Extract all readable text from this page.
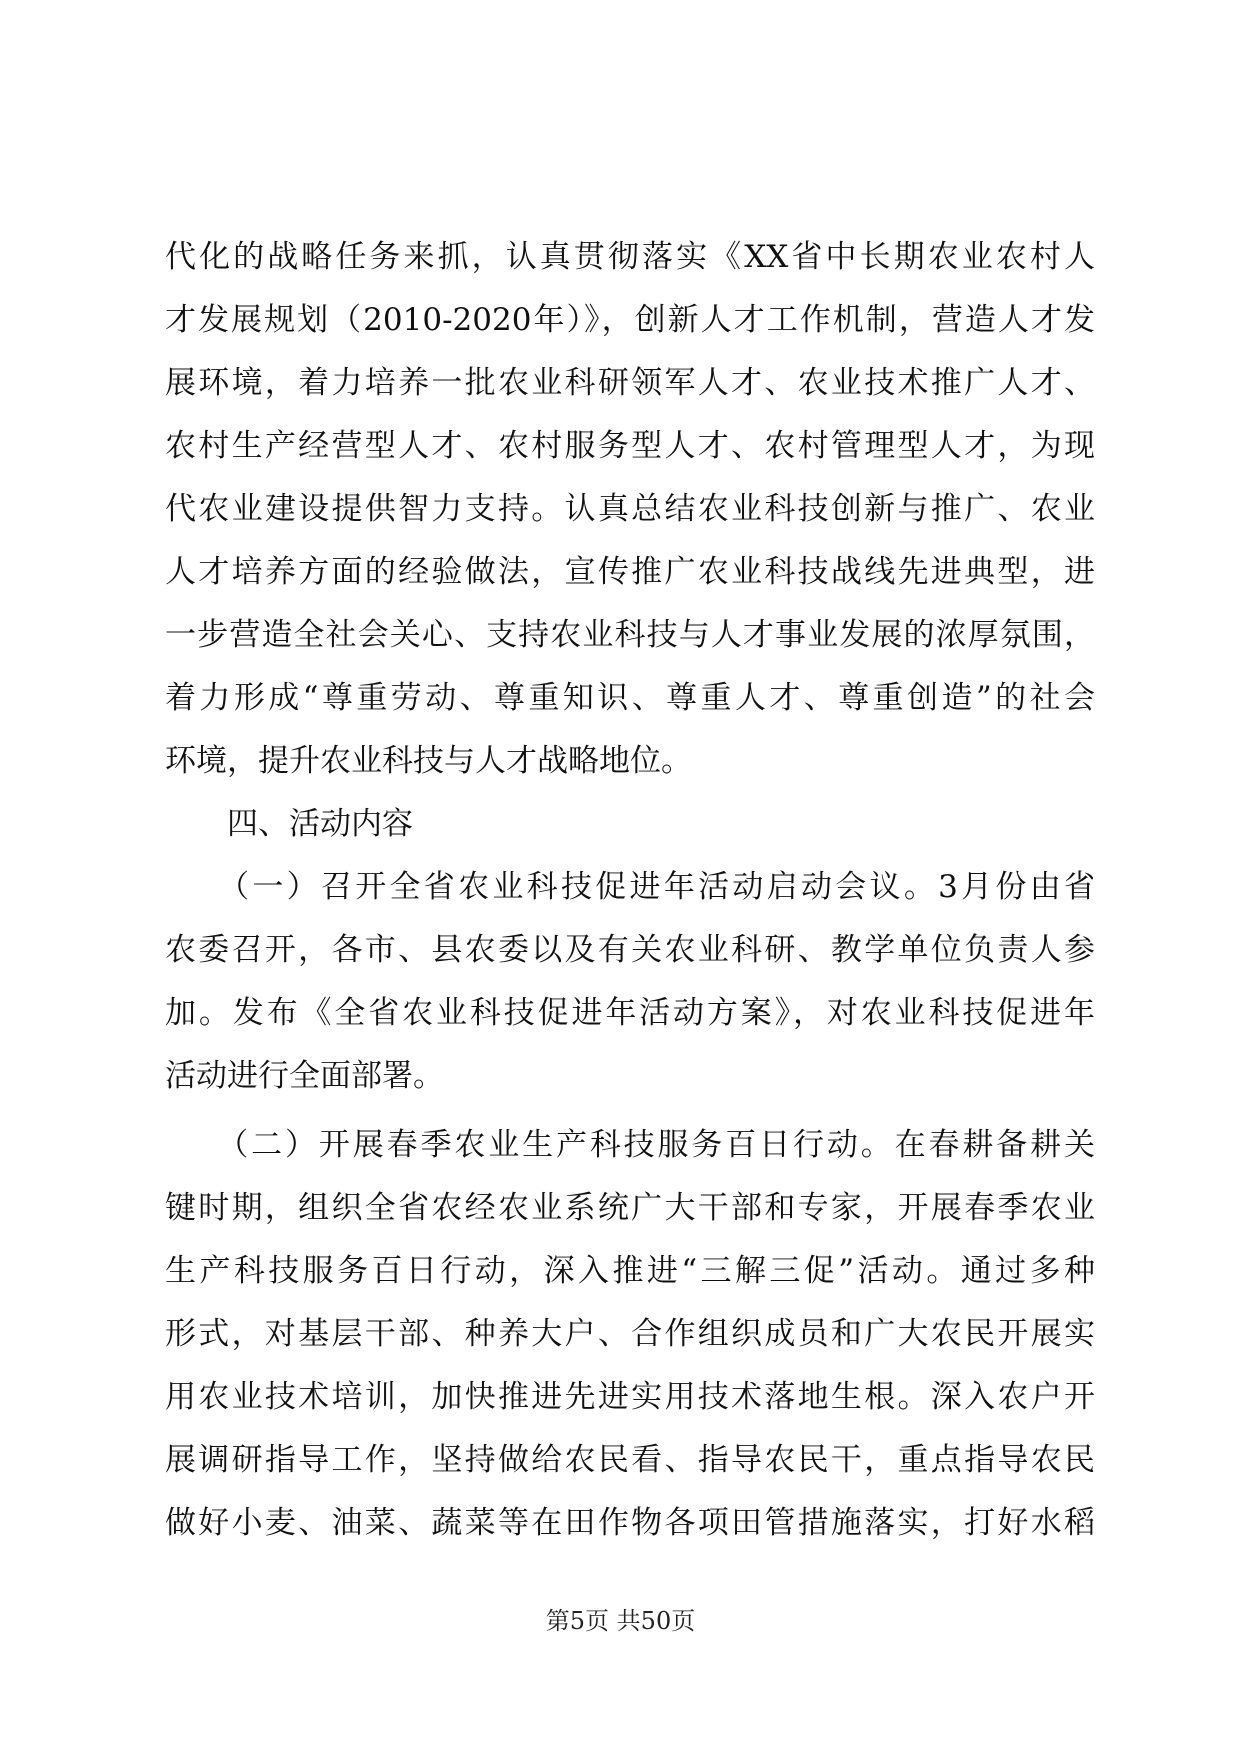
代化的战略任务来抓，认真贯彻落实《XX省中长期农业农村人
才发展规划（2010-2020年）》，创新人才工作机制，营造人才发
展环境，着力培养一批农业科研领军人才、农业技术推广人才、
农村生产经营型人才、农村服务型人才、农村管理型人才，为现
代农业建设提供智力支持。认真总结农业科技创新与推广、农业
人才培养方面的经验做法，宣传推广农业科技战线先进典型，进
一步营造全社会关心、支持农业科技与人才事业发展的浓厚氛围，
着力形成“尊重劳动、尊重知识、尊重人才、尊重创造”的社会
环境，提升农业科技与人才战略地位。
　　四、活动内容
　　（一）召开全省农业科技促进年活动启动会议。3月份由省
农委召开，各市、县农委以及有关农业科研、教学单位负责人参
加。发布《全省农业科技促进年活动方案》，对农业科技促进年
活动进行全面部署。
　　（二）开展春季农业生产科技服务百日行动。在春耕备耕关
键时期，组织全省农经农业系统广大干部和专家，开展春季农业
生产科技服务百日行动，深入推进“三解三促”活动。通过多种
形式，对基层干部、种养大户、合作组织成员和广大农民开展实
用农业技术培训，加快推进先进实用技术落地生根。深入农户开
展调研指导工作，坚持做给农民看、指导农民干，重点指导农民
做好小麦、油菜、蔬菜等在田作物各项田管措施落实，打好水稻
第5页 共50页
